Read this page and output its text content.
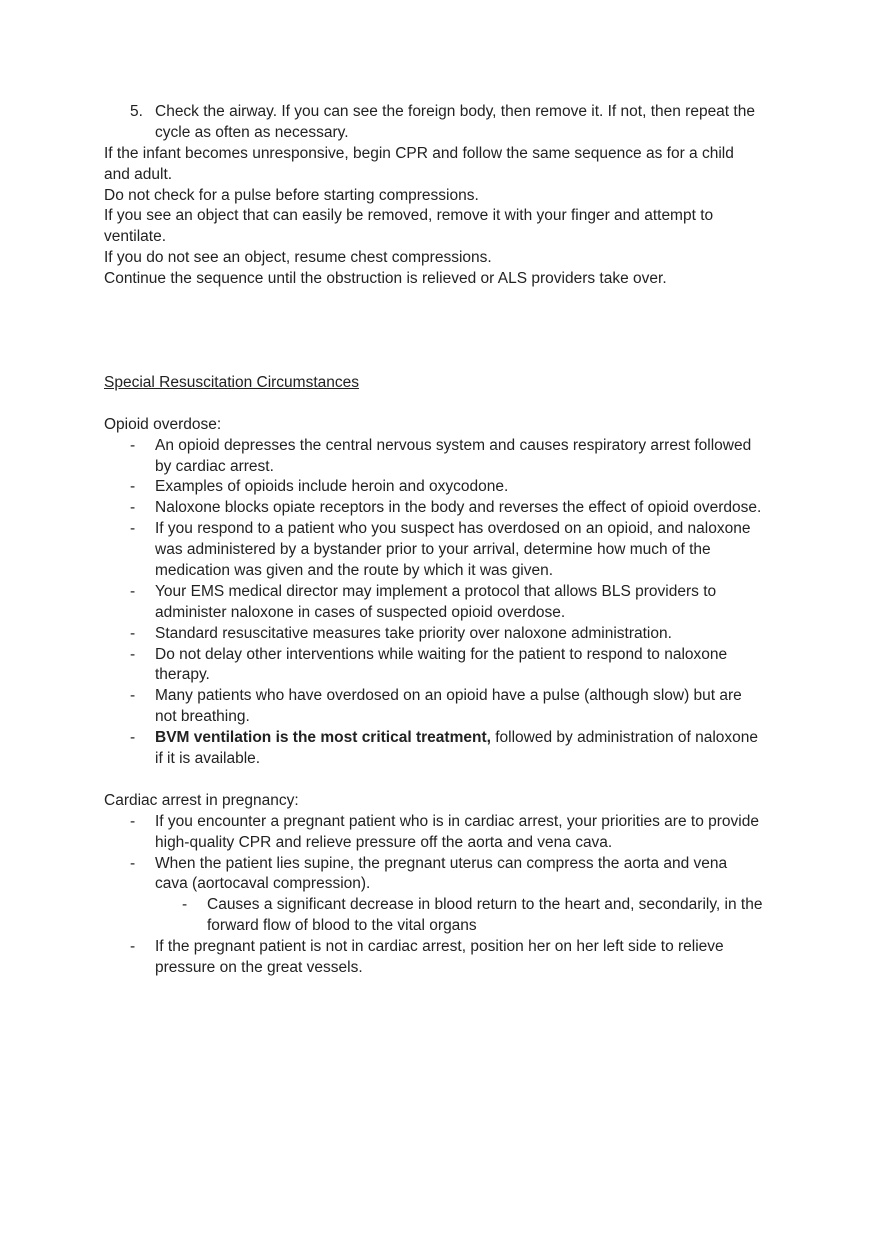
5. Check the airway. If you can see the foreign body, then remove it. If not, then repeat the
cycle as often as necessary.
If the infant becomes unresponsive, begin CPR and follow the same sequence as for a child
and adult.
Do not check for a pulse before starting compressions.
If you see an object that can easily be removed, remove it with your finger and attempt to
ventilate.
If you do not see an object, resume chest compressions.
Continue the sequence until the obstruction is relieved or ALS providers take over.
Special Resuscitation Circumstances
Opioid overdose:
- An opioid depresses the central nervous system and causes respiratory arrest followed
by cardiac arrest.
- Examples of opioids include heroin and oxycodone.
- Naloxone blocks opiate receptors in the body and reverses the effect of opioid overdose.
- If you respond to a patient who you suspect has overdosed on an opioid, and naloxone
was administered by a bystander prior to your arrival, determine how much of the
medication was given and the route by which it was given.
- Your EMS medical director may implement a protocol that allows BLS providers to
administer naloxone in cases of suspected opioid overdose.
- Standard resuscitative measures take priority over naloxone administration.
- Do not delay other interventions while waiting for the patient to respond to naloxone
therapy.
- Many patients who have overdosed on an opioid have a pulse (although slow) but are
not breathing.
- BVM ventilation is the most critical treatment, followed by administration of naloxone
if it is available.
Cardiac arrest in pregnancy:
- If you encounter a pregnant patient who is in cardiac arrest, your priorities are to provide
high-quality CPR and relieve pressure off the aorta and vena cava.
- When the patient lies supine, the pregnant uterus can compress the aorta and vena
cava (aortocaval compression).
- Causes a significant decrease in blood return to the heart and, secondarily, in the
forward flow of blood to the vital organs
- If the pregnant patient is not in cardiac arrest, position her on her left side to relieve
pressure on the great vessels.
